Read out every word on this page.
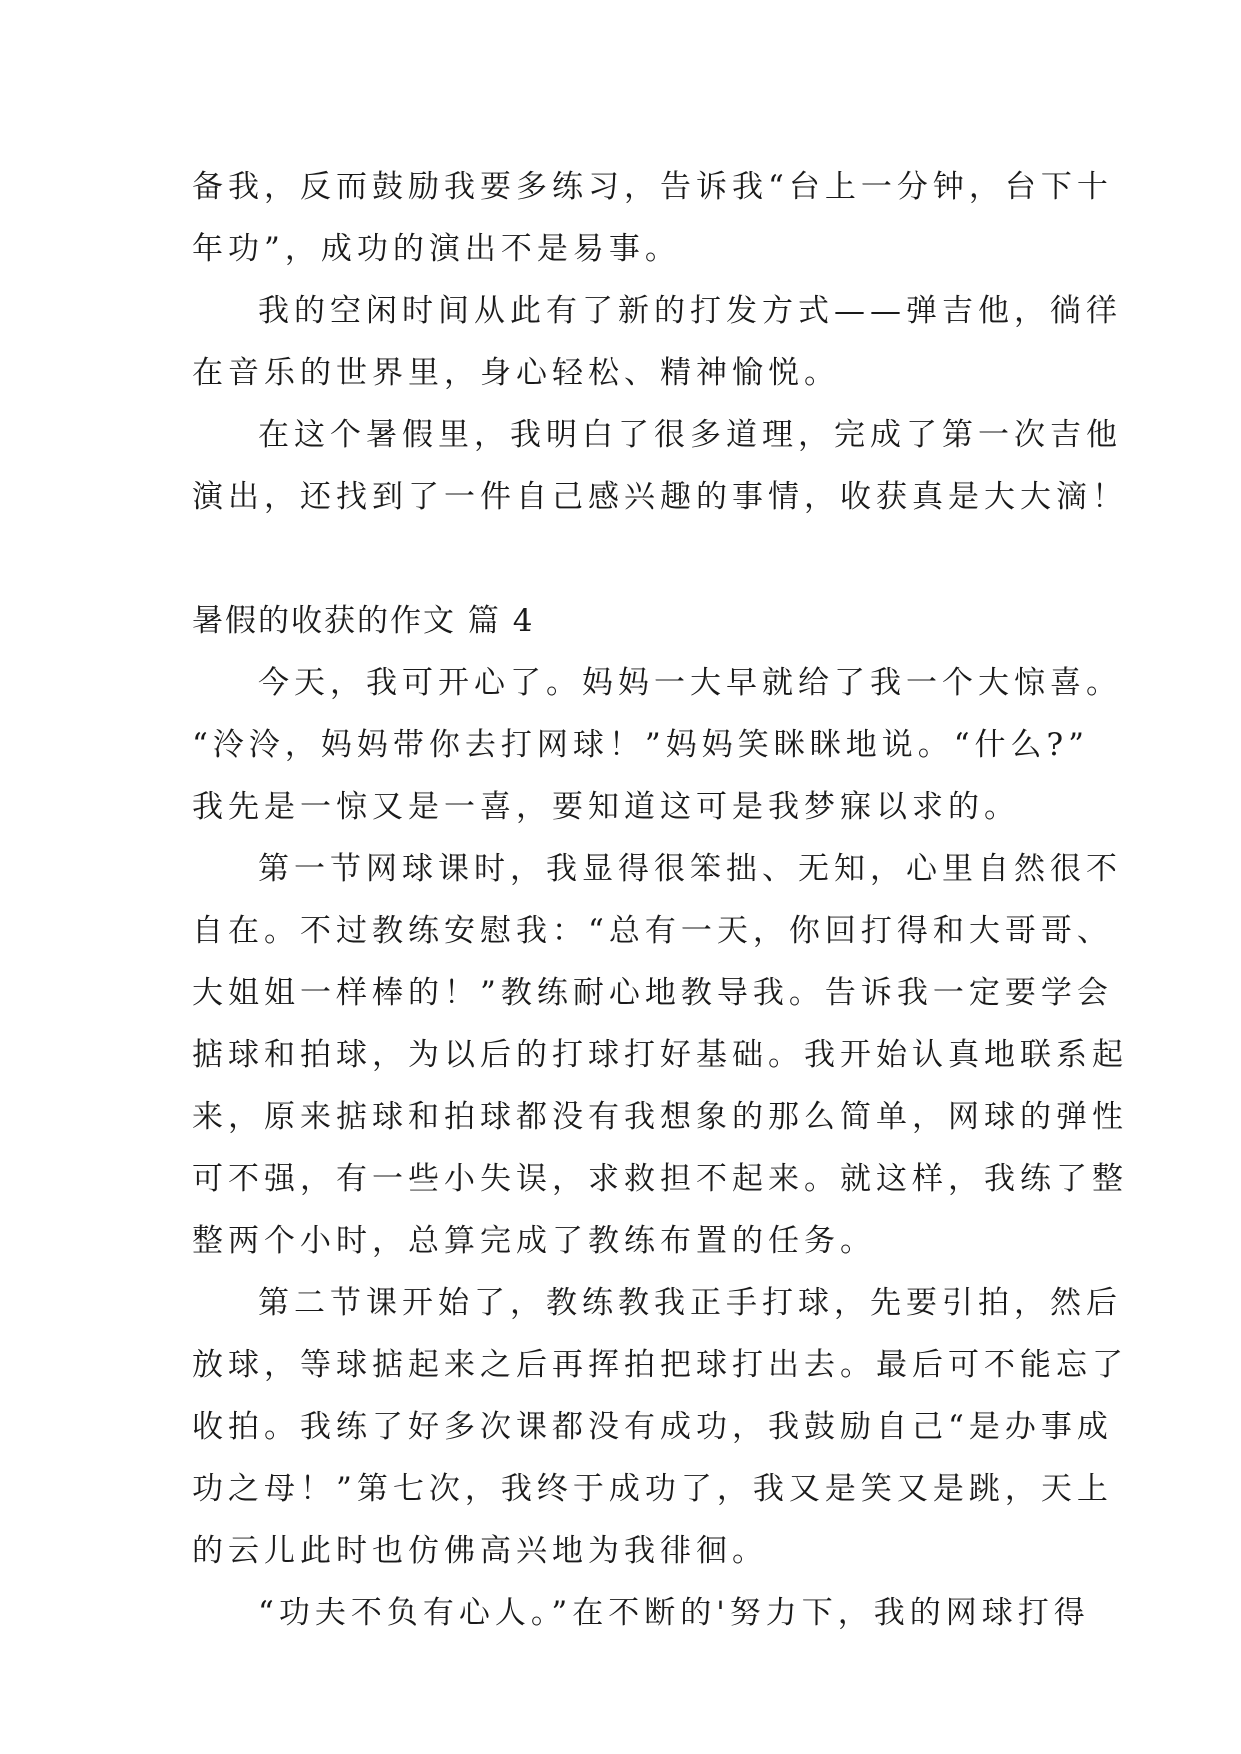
备我，反而鼓励我要多练习，告诉我“台上一分钟，台下十
年功”，成功的演出不是易事。
我的空闲时间从此有了新的打发方式——弹吉他，徜徉
在音乐的世界里，身心轻松、精神愉悦。
在这个暑假里，我明白了很多道理，完成了第一次吉他
演出，还找到了一件自己感兴趣的事情，收获真是大大滴！
暑假的收获的作文 篇 4
今天，我可开心了。妈妈一大早就给了我一个大惊喜。
“泠泠，妈妈带你去打网球！”妈妈笑眯眯地说。“什么?”
我先是一惊又是一喜，要知道这可是我梦寐以求的。
第一节网球课时，我显得很笨拙、无知，心里自然很不
自在。不过教练安慰我：“总有一天，你回打得和大哥哥、
大姐姐一样棒的！”教练耐心地教导我。告诉我一定要学会
掂球和拍球，为以后的打球打好基础。我开始认真地联系起
来，原来掂球和拍球都没有我想象的那么简单，网球的弹性
可不强，有一些小失误，求救担不起来。就这样，我练了整
整两个小时，总算完成了教练布置的任务。
第二节课开始了，教练教我正手打球，先要引拍，然后
放球，等球掂起来之后再挥拍把球打出去。最后可不能忘了
收拍。我练了好多次课都没有成功，我鼓励自己“是办事成
功之母！”第七次，我终于成功了，我又是笑又是跳，天上
的云儿此时也仿佛高兴地为我徘徊。
“功夫不负有心人。”在不断的'努力下，我的网球打得
